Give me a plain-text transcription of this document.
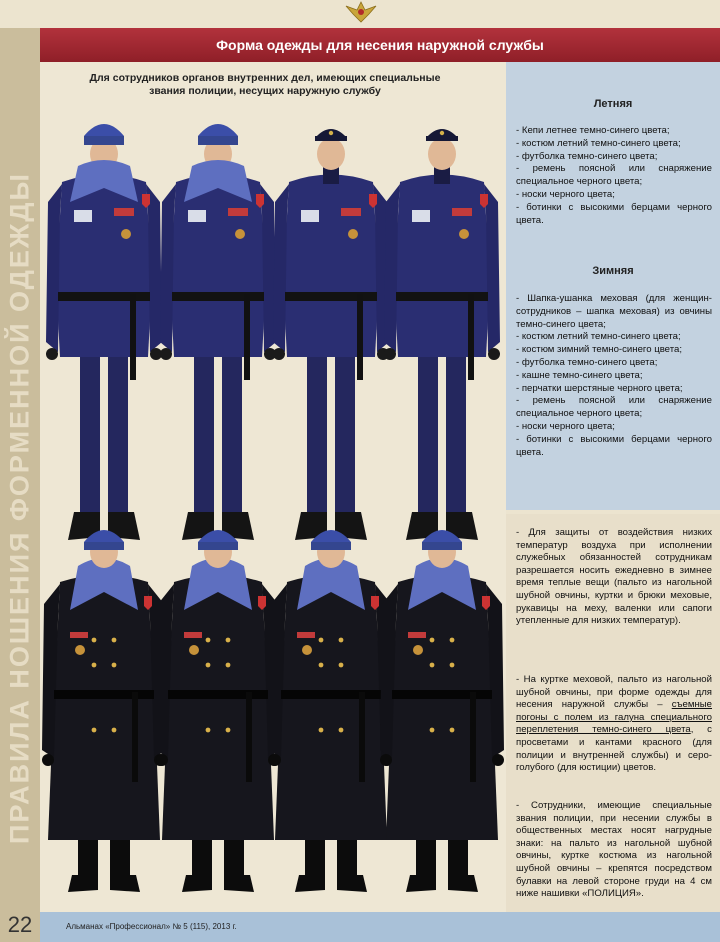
ПРАВИЛА НОШЕНИЯ ФОРМЕННОЙ ОДЕЖДЫ
Форма одежды для несения наружной службы
Для сотрудников органов внутренних дел, имеющих специальные
звания полиции, несущих наружную службу
Летняя
- Кепи летнее темно-синего цвета;
- костюм летний темно-синего цвета;
- футболка темно-синего цвета;
- ремень поясной или снаряжение специальное черного цвета;
- носки черного цвета;
- ботинки с высокими берцами черного цвета.
Зимняя
- Шапка-ушанка меховая (для женщин-сотрудников – шапка меховая) из овчины темно-синего цвета;
- костюм летний темно-синего цвета;
- костюм зимний темно-синего цвета;
- футболка темно-синего цвета;
- кашне темно-синего цвета;
- перчатки шерстяные черного цвета;
- ремень поясной или снаряжение специальное черного цвета;
- носки черного цвета;
- ботинки с высокими берцами черного цвета.
- Для защиты от воздействия низких температур воздуха при исполнении служебных обязанностей сотрудникам разрешается носить ежедневно в зимнее время теплые вещи (пальто из нагольной шубной овчины, куртки и брюки меховые, рукавицы на меху, валенки или сапоги утепленные для низких температур).
- На куртке меховой, пальто из нагольной шубной овчины, при форме одежды для несения наружной службы – съемные погоны с полем из галуна специального переплетения темно-синего цвета, с просветами и кантами красного (для полиции и внутренней службы) и серо-голубого (для юстиции) цветов.
- Сотрудники, имеющие специальные звания полиции, при несении службы в общественных местах носят нагрудные знаки: на пальто из нагольной шубной овчины, куртке костюма из нагольной шубной овчины – крепятся посредством булавки на левой стороне груди на 4 см ниже нашивки «ПОЛИЦИЯ».
22	Альманах «Профессионал» № 5 (115), 2013 г.
